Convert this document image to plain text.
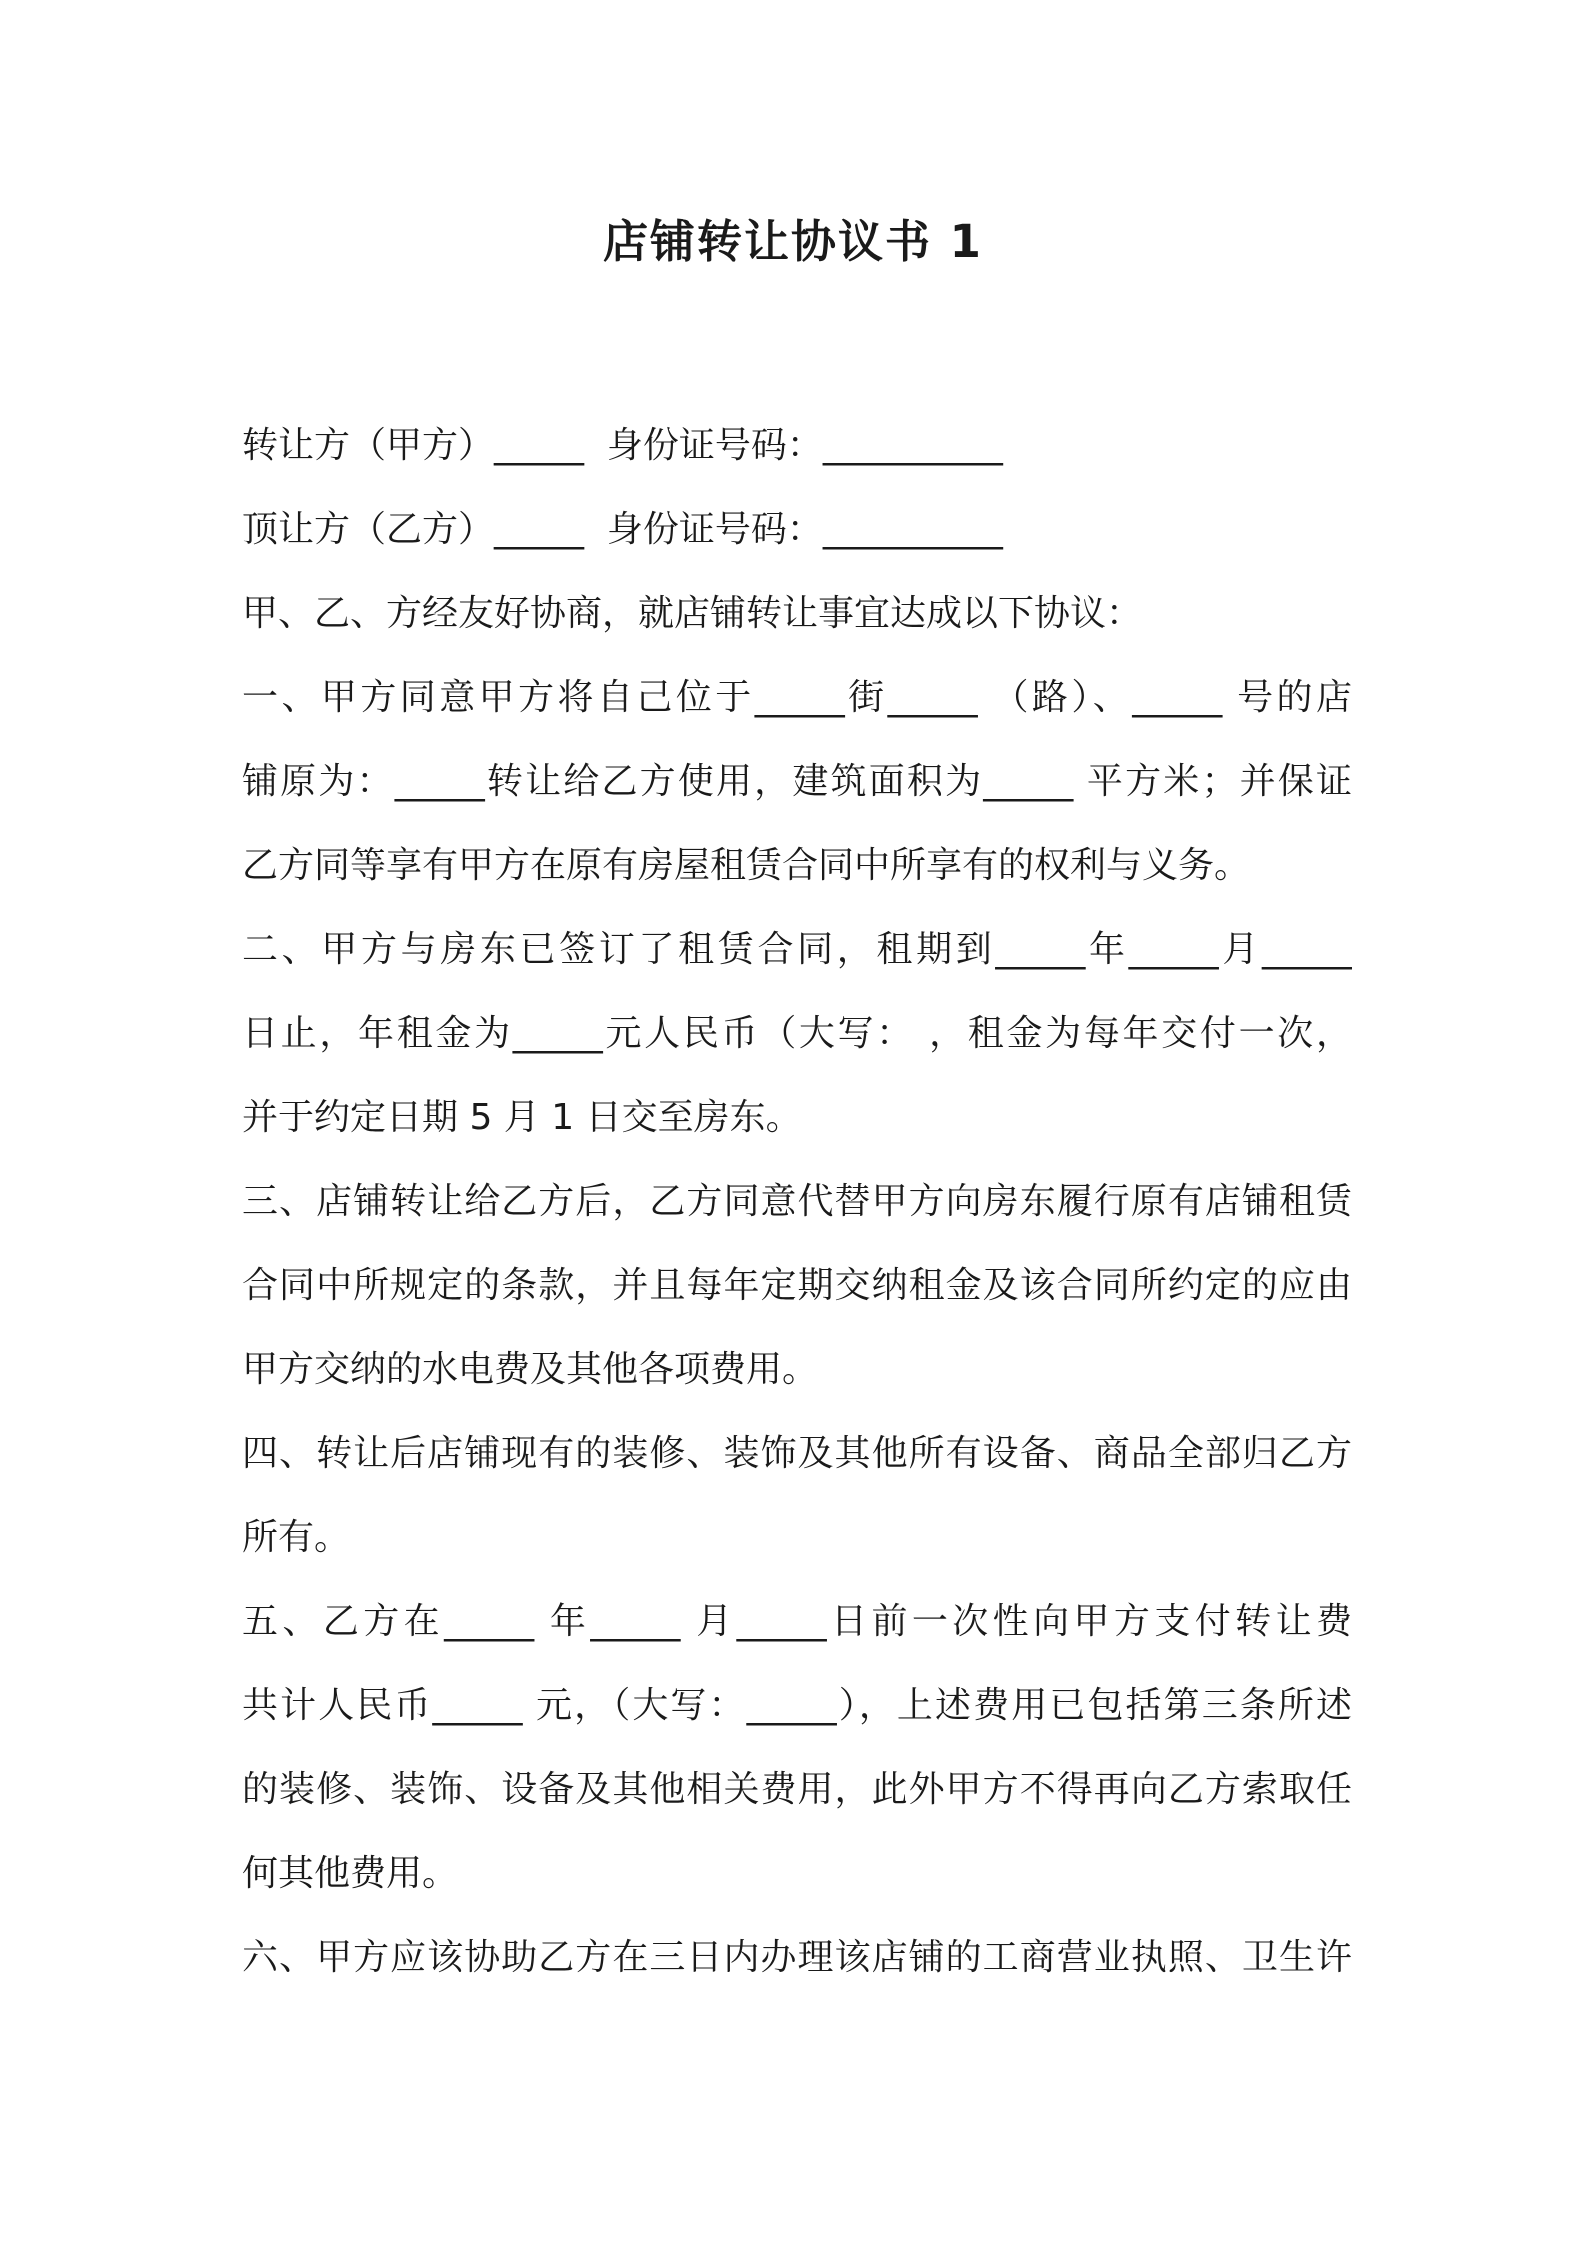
店铺转让协议书 1
转让方（甲方）_____  身份证号码：__________
顶让方（乙方）_____  身份证号码：__________
甲、乙、方经友好协商，就店铺转让事宜达成以下协议：
一、甲方同意甲方将自己位于_____街_____ （路）、_____ 号的店
铺原为：_____转让给乙方使用，建筑面积为_____ 平方米；并保证
乙方同等享有甲方在原有房屋租赁合同中所享有的权利与义务。
二、甲方与房东已签订了租赁合同，租期到_____年_____月_____
日止，年租金为_____元人民币（大写： ，租金为每年交付一次，
并于约定日期 5 月 1 日交至房东。
三、店铺转让给乙方后，乙方同意代替甲方向房东履行原有店铺租赁
合同中所规定的条款，并且每年定期交纳租金及该合同所约定的应由
甲方交纳的水电费及其他各项费用。
四、转让后店铺现有的装修、装饰及其他所有设备、商品全部归乙方
所有。
五、乙方在_____ 年_____ 月_____日前一次性向甲方支付转让费
共计人民币_____ 元，（大写：_____），上述费用已包括第三条所述
的装修、装饰、设备及其他相关费用，此外甲方不得再向乙方索取任
何其他费用。
六、甲方应该协助乙方在三日内办理该店铺的工商营业执照、卫生许
